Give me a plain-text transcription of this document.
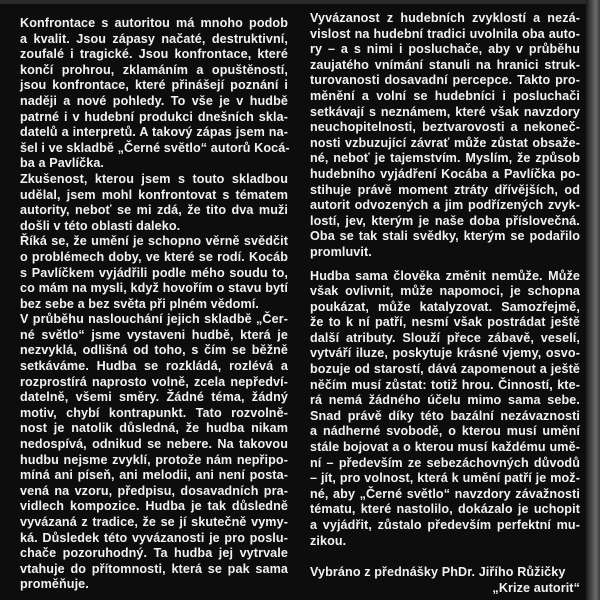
Konfrontace s autoritou má mnoho podob
a kvalit. Jsou zápasy načaté, destruktivní,
zoufalé i tragické. Jsou konfrontace, které
končí prohrou, zklamáním a opuštěností,
jsou konfrontace, které přinášejí poznání i
naději a nové pohledy. To vše je v hudbě
patrné i v hudební produkci dnešních skla-
datelů a interpretů. A takový zápas jsem na-
šel i ve skladbě „Černé světlo“ autorů Kocá-
ba a Pavlíčka.
Zkušenost, kterou jsem s touto skladbou
udělal, jsem mohl konfrontovat s tématem
autority, neboť se mi zdá, že tito dva muži
došli v této oblasti daleko.
Říká se, že umění je schopno věrně svědčit
o problémech doby, ve které se rodí. Kocáb
s Pavlíčkem vyjádřili podle mého soudu to,
co mám na mysli, když hovořím o stavu bytí
bez sebe a bez světa při plném vědomí.
V průběhu naslouchání jejich skladbě „Čer-
né světlo“ jsme vystaveni hudbě, která je
nezvyklá, odlišná od toho, s čím se běžně
setkáváme. Hudba se rozkládá, rozlévá a
rozprostírá naprosto volně, zcela nepředví-
datelně, všemi směry. Žádné téma, žádný
motiv, chybí kontrapunkt. Tato rozvolně-
nost je natolik důsledná, že hudba nikam
nedospívá, odnikud se nebere. Na takovou
hudbu nejsme zvyklí, protože nám nepřipo-
míná ani píseň, ani melodii, ani není posta-
vená na vzoru, předpisu, dosavadních pra-
vidlech kompozice. Hudba je tak důsledně
vyvázaná z tradice, že se jí skutečně vymy-
ká. Důsledek této vyvázanosti je pro poslu-
chače pozoruhodný. Ta hudba jej vytrvale
vtahuje do přítomnosti, která se pak sama
proměňuje.
Vyvázanost z hudebních zvyklostí a nezá-
vislost na hudební tradici uvolnila oba auto-
ry – a s nimi i posluchače, aby v průběhu
zaujatého vnímání stanuli na hranici struk-
turovanosti dosavadní percepce. Takto pro-
měnění a volní se hudebníci i posluchači
setkávají s neznámem, které však navzdory
neuchopitelnosti, beztvarovosti a nekoneč-
nosti vzbuzující závrať může zůstat obsaže-
né, neboť je tajemstvím. Myslím, že způsob
hudebního vyjádření Kocába a Pavlíčka po-
stihuje právě moment ztráty dřívějších, od
autorit odvozených a jim podřízených zvyk-
lostí, jev, kterým je naše doba příslovečná.
Oba se tak stali svědky, kterým se podařilo
promluvit.
Hudba sama člověka změnit nemůže. Může
však ovlivnit, může napomoci, je schopna
poukázat, může katalyzovat. Samozřejmě,
že to k ní patří, nesmí však postrádat ještě
další atributy. Slouží přece zábavě, veselí,
vytváří iluze, poskytuje krásné vjemy, osvo-
bozuje od starostí, dává zapomenout a ještě
něčím musí zůstat: totiž hrou. Činností, kte-
rá nemá žádného účelu mimo sama sebe.
Snad právě díky této bazální nezávaznosti
a nádherné svobodě, o kterou musí umění
stále bojovat a o kterou musí každému umě-
ní – především ze sebezáchovných důvodů
– jít, pro volnost, která k umění patří je mož-
né, aby „Černé světlo“ navzdory závažnosti
tématu, které nastolilo, dokázalo je uchopit
a vyjádřit, zůstalo především perfektní mu-
zikou.
Vybráno z přednášky PhDr. Jiřího Růžičky
„Krize autorit“
